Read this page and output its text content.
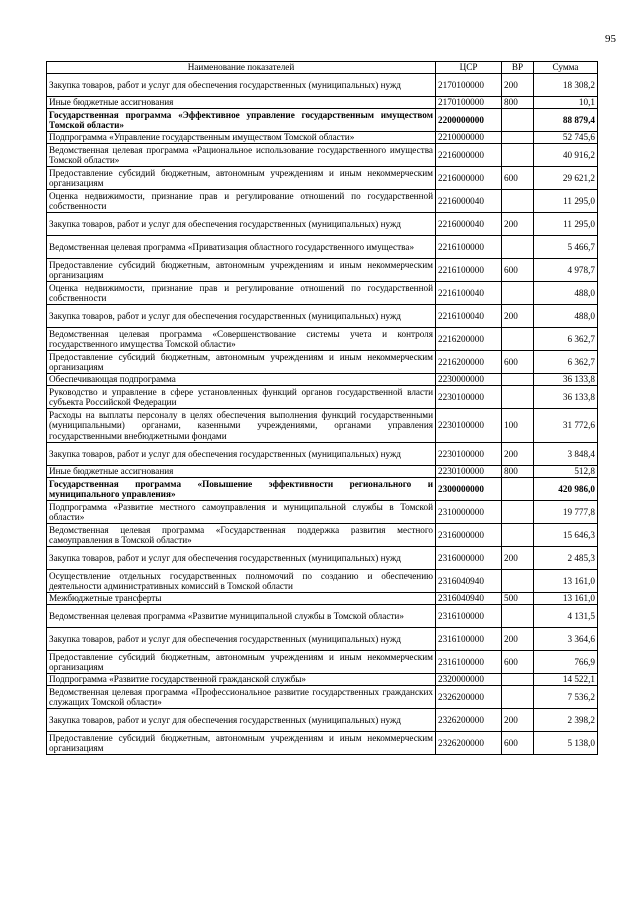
95
Наименование показателей	ЦСР	ВР	Сумма
Закупка товаров, работ и услуг для обеспечения государственных (муниципальных) нужд	2170100000	200	18 308,2
Иные бюджетные ассигнования	2170100000	800	10,1
Государственная программа «Эффективное управление государственным имуществом Томской области»	2200000000		88 879,4
Подпрограмма «Управление государственным имуществом Томской области»	2210000000		52 745,6
Ведомственная целевая программа «Рациональное использование государственного имущества Томской области»	2216000000		40 916,2
Предоставление субсидий бюджетным, автономным учреждениям и иным некоммерческим организациям	2216000000	600	29 621,2
Оценка недвижимости, признание прав и регулирование отношений по государственной собственности	2216000040		11 295,0
Закупка товаров, работ и услуг для обеспечения государственных (муниципальных) нужд	2216000040	200	11 295,0
Ведомственная целевая программа «Приватизация областного государственного имущества»	2216100000		5 466,7
Предоставление субсидий бюджетным, автономным учреждениям и иным некоммерческим организациям	2216100000	600	4 978,7
Оценка недвижимости, признание прав и регулирование отношений по государственной собственности	2216100040		488,0
Закупка товаров, работ и услуг для обеспечения государственных (муниципальных) нужд	2216100040	200	488,0
Ведомственная целевая программа «Совершенствование системы учета и контроля государственного имущества Томской области»	2216200000		6 362,7
Предоставление субсидий бюджетным, автономным учреждениям и иным некоммерческим организациям	2216200000	600	6 362,7
Обеспечивающая подпрограмма	2230000000		36 133,8
Руководство и управление в сфере установленных функций органов государственной власти субъекта Российской Федерации	2230100000		36 133,8
Расходы на выплаты персоналу в целях обеспечения выполнения функций государственными (муниципальными) органами, казенными учреждениями, органами управления государственными внебюджетными фондами	2230100000	100	31 772,6
Закупка товаров, работ и услуг для обеспечения государственных (муниципальных) нужд	2230100000	200	3 848,4
Иные бюджетные ассигнования	2230100000	800	512,8
Государственная программа «Повышение эффективности регионального и муниципального управления»	2300000000		420 986,0
Подпрограмма «Развитие местного самоуправления и муниципальной службы в Томской области»	2310000000		19 777,8
Ведомственная целевая программа «Государственная поддержка развития местного самоуправления в Томской области»	2316000000		15 646,3
Закупка товаров, работ и услуг для обеспечения государственных (муниципальных) нужд	2316000000	200	2 485,3
Осуществление отдельных государственных полномочий по созданию и обеспечению деятельности административных комиссий в Томской области	2316040940		13 161,0
Межбюджетные трансферты	2316040940	500	13 161,0
Ведомственная целевая программа «Развитие муниципальной службы в Томской области»	2316100000		4 131,5
Закупка товаров, работ и услуг для обеспечения государственных (муниципальных) нужд	2316100000	200	3 364,6
Предоставление субсидий бюджетным, автономным учреждениям и иным некоммерческим организациям	2316100000	600	766,9
Подпрограмма «Развитие государственной гражданской службы»	2320000000		14 522,1
Ведомственная целевая программа «Профессиональное развитие государственных гражданских служащих Томской области»	2326200000		7 536,2
Закупка товаров, работ и услуг для обеспечения государственных (муниципальных) нужд	2326200000	200	2 398,2
Предоставление субсидий бюджетным, автономным учреждениям и иным некоммерческим организациям	2326200000	600	5 138,0
